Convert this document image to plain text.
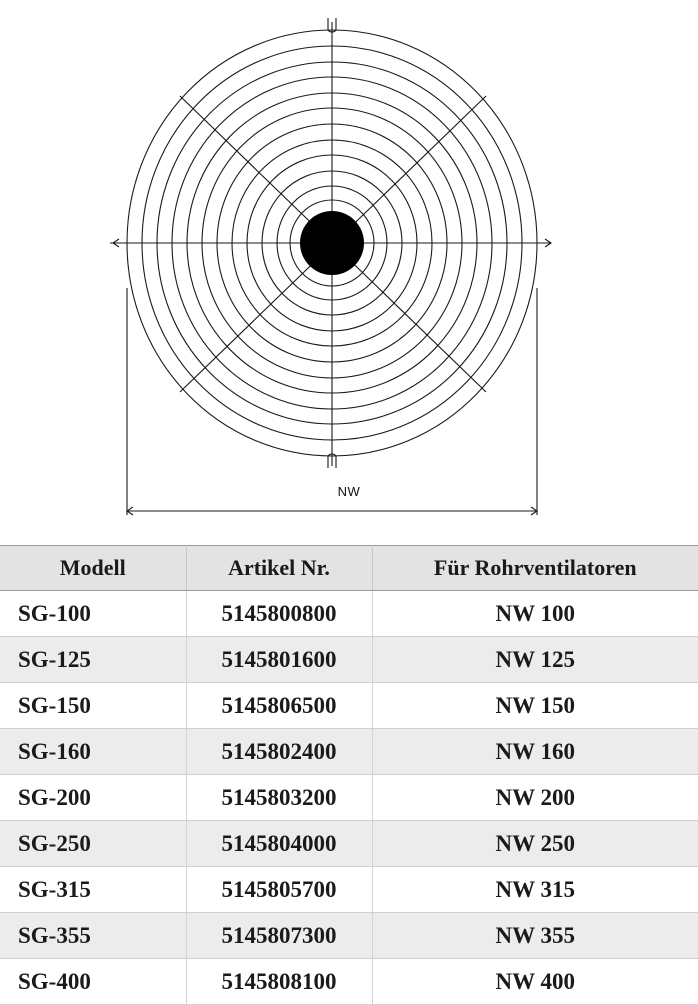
NW
Modell	Artikel Nr.	Für Rohrventilatoren
SG-100	5145800800	NW 100
SG-125	5145801600	NW 125
SG-150	5145806500	NW 150
SG-160	5145802400	NW 160
SG-200	5145803200	NW 200
SG-250	5145804000	NW 250
SG-315	5145805700	NW 315
SG-355	5145807300	NW 355
SG-400	5145808100	NW 400
